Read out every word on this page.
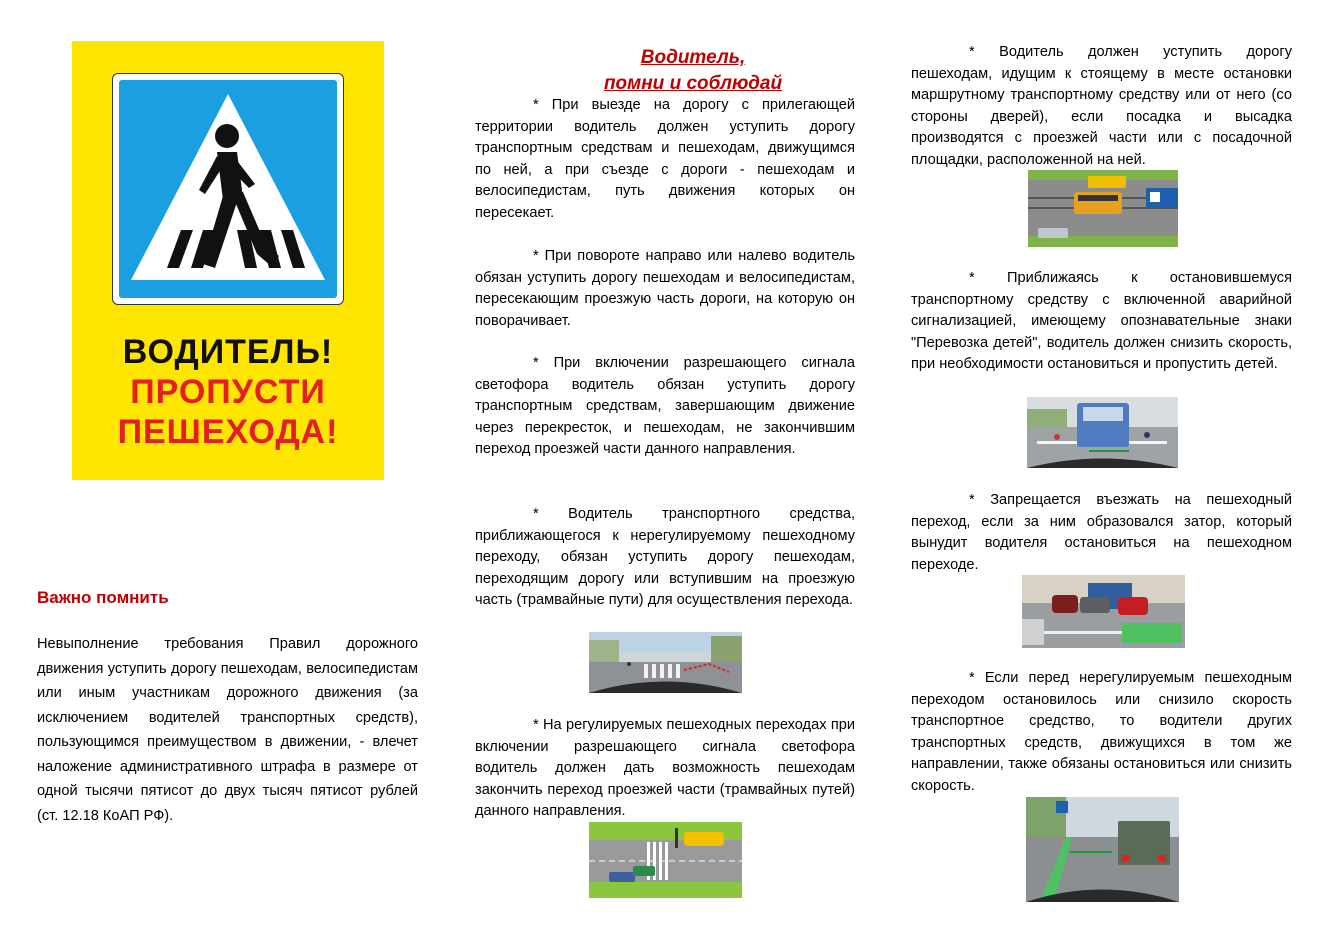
ВОДИТЕЛЬ!
ПРОПУСТИ
ПЕШЕХОДА!
Важно помнить

Невыполнение требования Правил дорожного движения уступить дорогу пешеходам, велосипедистам или иным участникам дорожного движения (за исключением водителей транспортных средств), пользующимся преимуществом в движении, - влечет наложение административного штрафа в размере от одной тысячи пятисот до двух тысяч пятисот рублей (ст. 12.18 КоАП РФ).

Водитель,
помни и соблюдай

* При выезде на дорогу с прилегающей территории водитель должен уступить дорогу транспортным средствам и пешеходам, движущимся по ней, а при съезде с дороги - пешеходам и велосипедистам, путь движения которых он пересекает.

* При повороте направо или налево водитель обязан уступить дорогу пешеходам и велосипедистам, пересекающим проезжую часть дороги, на которую он поворачивает.

* При включении разрешающего сигнала светофора водитель обязан уступить дорогу транспортным средствам, завершающим движение через перекресток, и пешеходам, не закончившим переход проезжей части данного направления.

* Водитель транспортного средства, приближающегося к нерегулируемому пешеходному переходу, обязан уступить дорогу пешеходам, переходящим дорогу или вступившим на проезжую часть (трамвайные пути) для осуществления перехода.

* На регулируемых пешеходных переходах при включении разрешающего сигнала светофора водитель должен дать возможность пешеходам закончить переход проезжей части (трамвайных путей) данного направления.

* Водитель должен уступить дорогу пешеходам, идущим к стоящему в месте остановки маршрутному транспортному средству или от него (со стороны дверей), если посадка и высадка производятся с проезжей части или с посадочной площадки, расположенной на ней.

* Приближаясь к остановившемуся транспортному средству с включенной аварийной сигнализацией, имеющему опознавательные знаки "Перевозка детей", водитель должен снизить скорость, при необходимости остановиться и пропустить детей.

* Запрещается въезжать на пешеходный переход, если за ним образовался затор, который вынудит водителя остановиться на пешеходном переходе.

* Если перед нерегулируемым пешеходным переходом остановилось или снизило скорость транспортное средство, то водители других транспортных средств, движущихся в том же направлении, также обязаны остановиться или снизить скорость.
